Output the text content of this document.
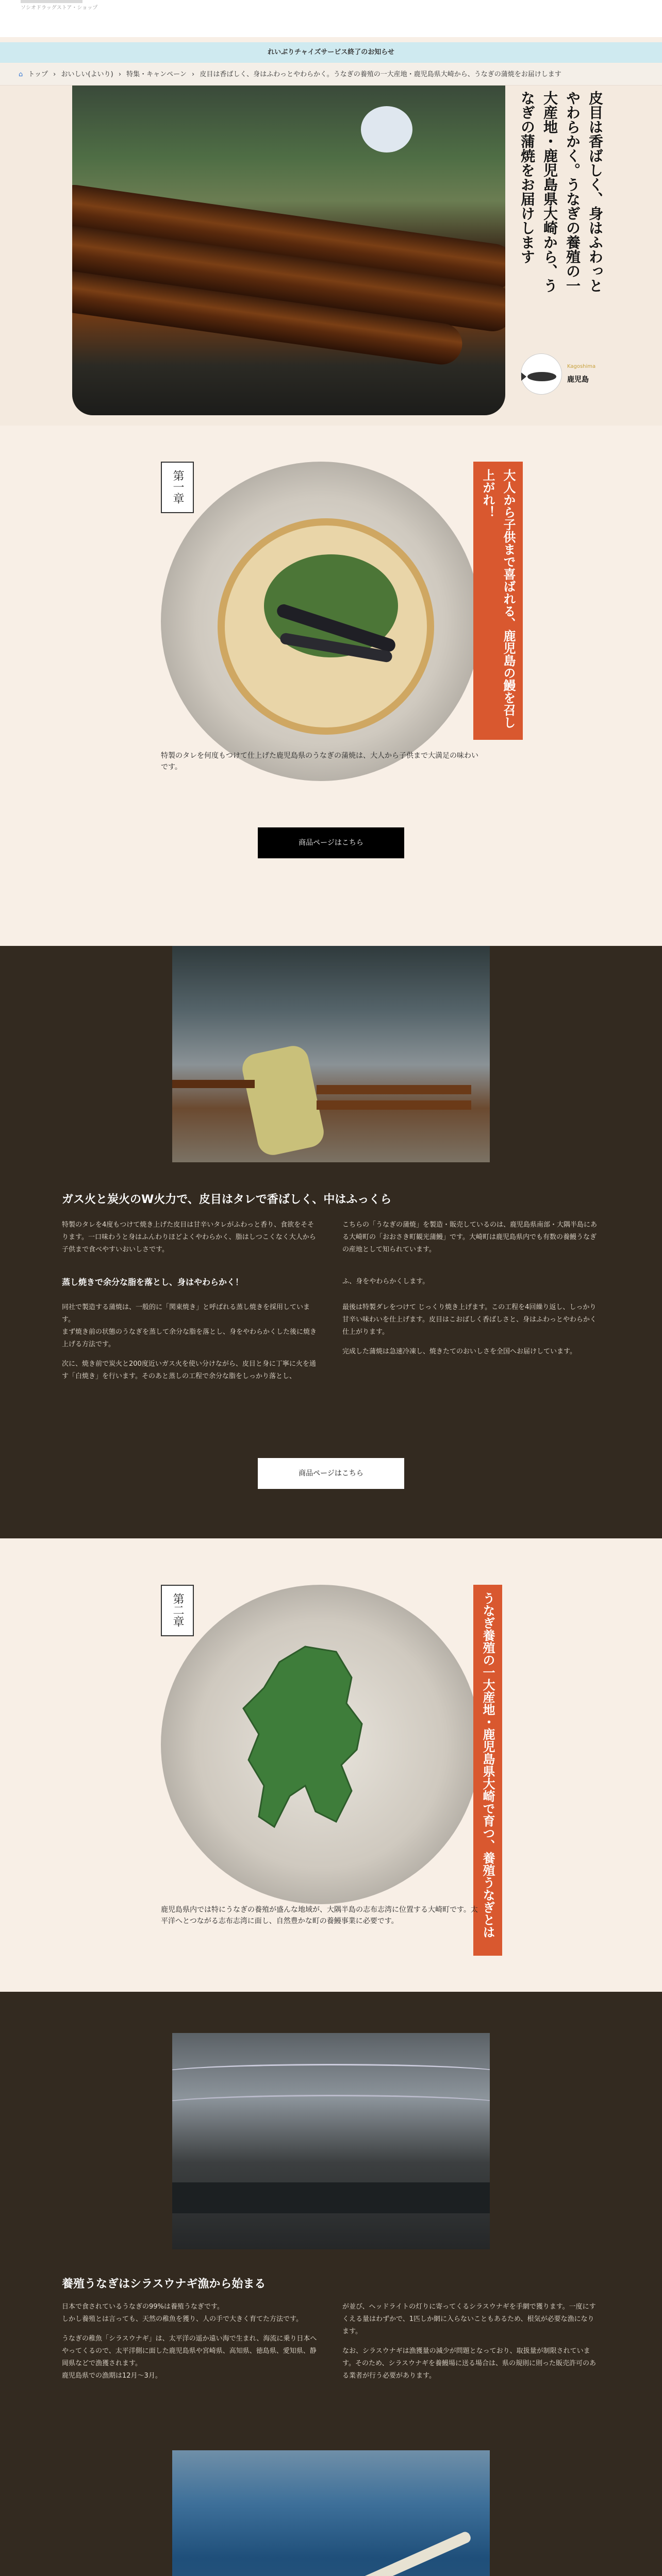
ソシオドラッグストア・ショップ
れいぶりチャイズサービス終了のお知らせ
⌂ トップ › おいしい(よいり) › 特集・キャンペーン › 皮目は香ばしく、身はふわっとやわらかく。うなぎの養殖の一大産地・鹿児島県大崎から、うなぎの蒲焼をお届けします
皮目は香ばしく、身はふわっとやわらかく。うなぎの養殖の一大産地・鹿児島県大崎から、うなぎの蒲焼をお届けします
Kagoshima
鹿児島
第一章	大人から子供まで喜ばれる、鹿児島の鰻を召し上がれ！
特製のタレを何度もつけて仕上げた鹿児島県のうなぎの蒲焼は、大人から子供まで大満足の味わいです。
商品ページはこちら
ガス火と炭火のW火力で、皮目はタレで香ばしく、中はふっくら

特製のタレを4度もつけて焼き上げた皮目は甘辛いタレがふわっと香り、食欲をそそります。一口味わうと身はふんわりほどよくやわらかく、脂はしつこくなく大人から子供まで食べやすいおいしさです。

こちらの「うなぎの蒲焼」を製造・販売しているのは、鹿児島県南部・大隅半島にある大崎町の「おおさき町観光蒲鰻」です。大崎町は鹿児島県内でも有数の養鰻うなぎの産地として知られています。

蒸し焼きで余分な脂を落とし、身はやわらかく！

同社で製造する蒲焼は、一般的に「関東焼き」と呼ばれる蒸し焼きを採用しています。

まず焼き前の状態のうなぎを蒸して余分な脂を落とし、身をやわらかくした後に焼き上げる方法です。

次に、焼き前で炭火と200度近いガス火を使い分けながら、皮目と身に丁寧に火を通す「白焼き」を行います。そのあと蒸しの工程で余分な脂をしっかり落とし、

ふ、身をやわらかくします。

最後は特製ダレをつけて じっくり焼き上げます。この工程を4回繰り返し、しっかり甘辛い味わいを仕上げます。皮目はこおばしく香ばしさと、身はふわっとやわらかく仕上がります。

完成した蒲焼は急速冷凍し、焼きたてのおいしさを全国へお届けしています。

商品ページはこちら
第二章	うなぎ養殖の一大産地・鹿児島県大崎で育つ、養殖うなぎとは
鹿児島県内では特にうなぎの養殖が盛んな地域が、大隅半島の志布志湾に位置する大崎町です。太平洋へとつながる志布志湾に面し、自然豊かな町の養鰻事業に必要です。
養殖うなぎはシラスウナギ漁から始まる

日本で食されているうなぎの99%は養殖うなぎです。

しかし養殖とは言っても、天然の稚魚を獲り、人の手で大きく育てた方法です。

うなぎの稚魚「シラスウナギ」は、太平洋の遥か遠い海で生まれ、海流に乗り日本へやってくるので、太平洋側に面した鹿児島県や宮崎県、高知県、徳島県、愛知県、静岡県などで漁獲されます。

鹿児島県での漁期は12月〜3月。

が並び、ヘッドライトの灯りに寄ってくるシラスウナギを手網で獲ります。一度にすくえる量はわずかで、1匹しか網に入らないこともあるため、根気が必要な漁になります。

なお、シラスウナギは漁獲量の減少が問題となっており、取扱量が制限されています。そのため、シラスウナギを養鰻場に送る場合は、県の規則に則った販売許可のある業者が行う必要があります。
